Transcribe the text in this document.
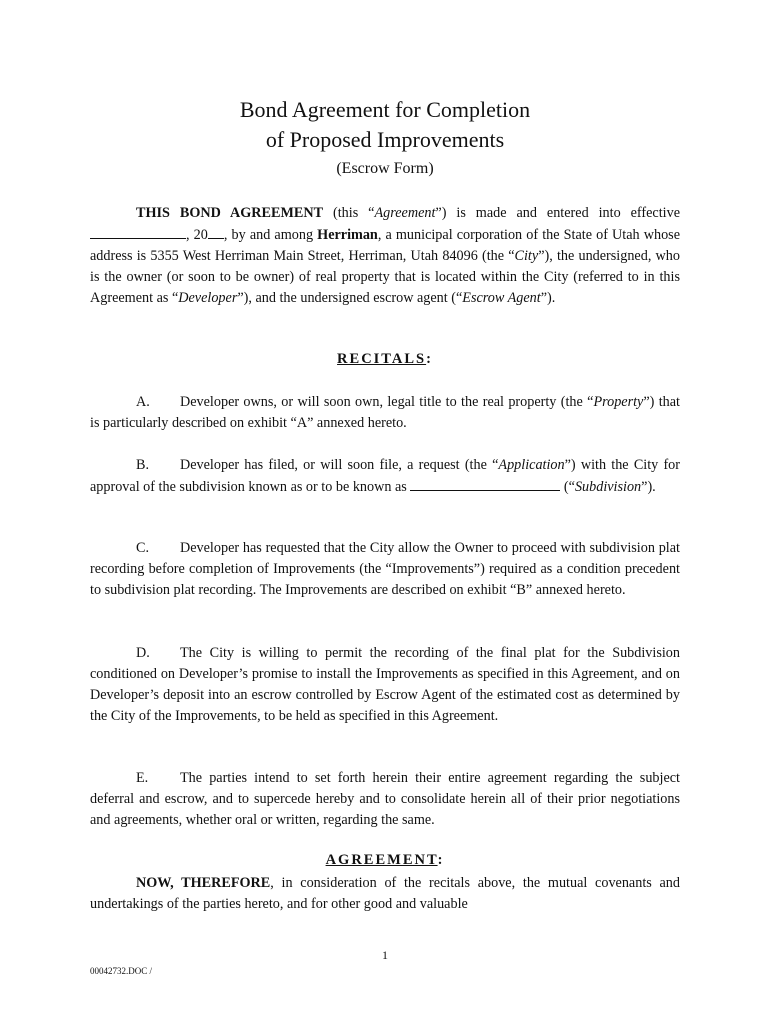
Bond Agreement for Completion
of Proposed Improvements
(Escrow Form)

THIS BOND AGREEMENT (this “Agreement”) is made and entered into effective , 20 , by and among Herriman, a municipal corporation of the State of Utah whose address is 5355 West Herriman Main Street, Herriman, Utah 84096 (the “City”), the undersigned, who is the owner (or soon to be owner) of real property that is located within the City (referred to in this Agreement as “Developer”), and the undersigned escrow agent (“Escrow Agent”).

RECITALS:

A. Developer owns, or will soon own, legal title to the real property (the “Property”) that is particularly described on exhibit “A” annexed hereto.

B. Developer has filed, or will soon file, a request (the “Application”) with the City for approval of the subdivision known as or to be known as	(“Subdivision”).

C. Developer has requested that the City allow the Owner to proceed with subdivision plat recording before completion of Improvements (the “Improvements”) required as a condition precedent to subdivision plat recording. The Improvements are described on exhibit “B” annexed hereto.

D. The City is willing to permit the recording of the final plat for the Subdivision conditioned on Developer’s promise to install the Improvements as specified in this Agreement, and on Developer’s deposit into an escrow controlled by Escrow Agent of the estimated cost as determined by the City of the Improvements, to be held as specified in this Agreement.

E. The parties intend to set forth herein their entire agreement regarding the subject deferral and escrow, and to supercede hereby and to consolidate herein all of their prior negotiations and agreements, whether oral or written, regarding the same.

AGREEMENT:

NOW, THEREFORE, in consideration of the recitals above, the mutual covenants and undertakings of the parties hereto, and for other good and valuable

1
00042732.DOC /
